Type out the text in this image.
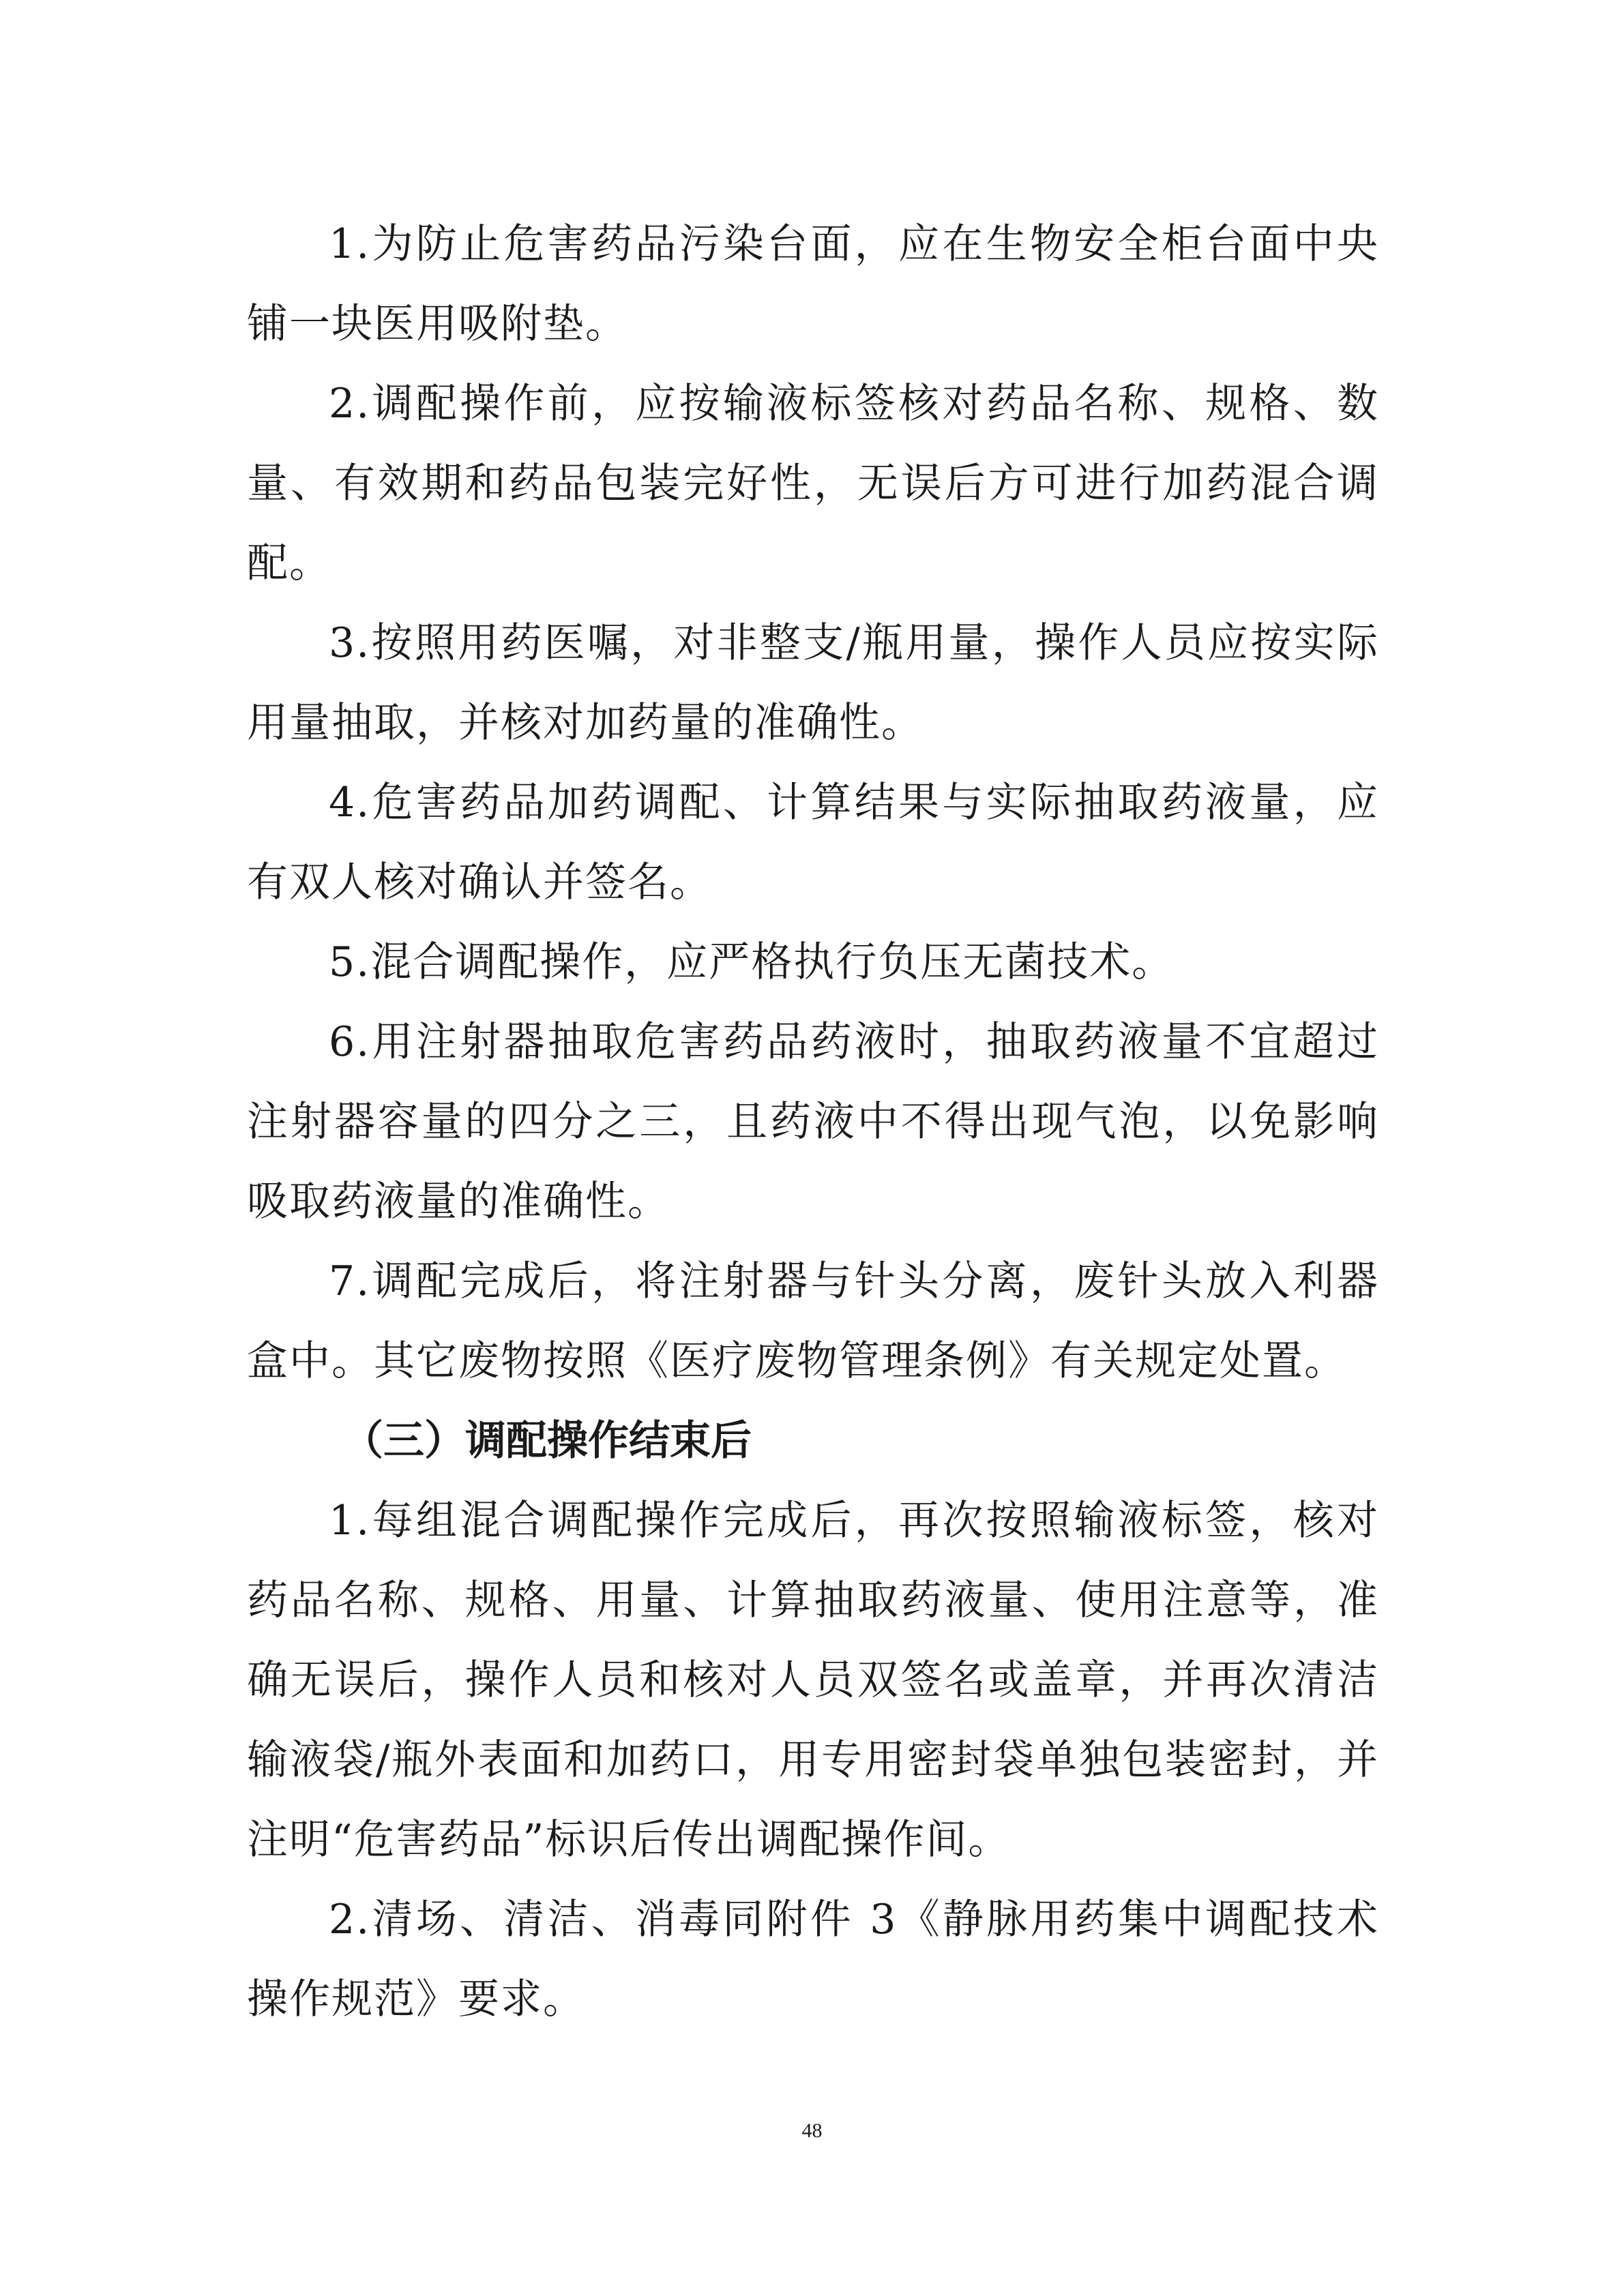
1.为防止危害药品污染台面，应在生物安全柜台面中央铺一块医用吸附垫。

2.调配操作前，应按输液标签核对药品名称、规格、数量、有效期和药品包装完好性，无误后方可进行加药混合调配。

3.按照用药医嘱，对非整支/瓶用量，操作人员应按实际用量抽取，并核对加药量的准确性。

4.危害药品加药调配、计算结果与实际抽取药液量，应有双人核对确认并签名。

5.混合调配操作，应严格执行负压无菌技术。

6.用注射器抽取危害药品药液时，抽取药液量不宜超过注射器容量的四分之三，且药液中不得出现气泡，以免影响吸取药液量的准确性。

7.调配完成后，将注射器与针头分离，废针头放入利器盒中。其它废物按照《医疗废物管理条例》有关规定处置。

（三）调配操作结束后

1.每组混合调配操作完成后，再次按照输液标签，核对药品名称、规格、用量、计算抽取药液量、使用注意等，准确无误后，操作人员和核对人员双签名或盖章，并再次清洁输液袋/瓶外表面和加药口，用专用密封袋单独包装密封，并注明“危害药品”标识后传出调配操作间。

2.清场、清洁、消毒同附件 3《静脉用药集中调配技术操作规范》要求。

48
